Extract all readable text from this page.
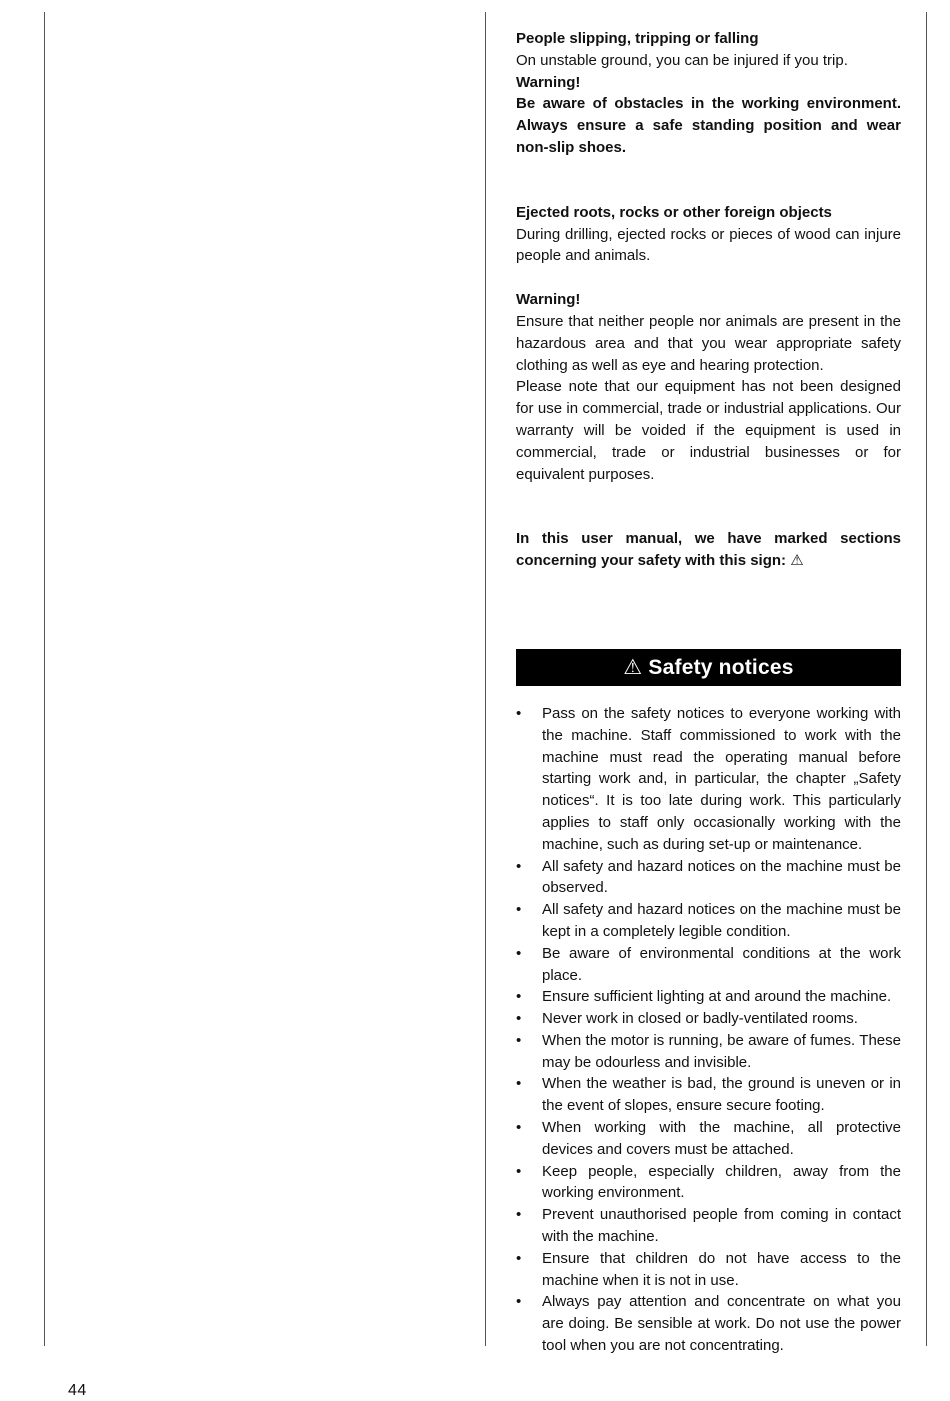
People slipping, tripping or falling

On unstable ground, you can be injured if you trip.

Warning!

Be aware of obstacles in the working environment. Always ensure a safe standing position and wear non-slip shoes.

Ejected roots, rocks or other foreign objects

During drilling, ejected rocks or pieces of wood can injure people and animals.

Warning!

Ensure that neither people nor animals are present in the hazardous area and that you wear appropriate safety clothing as well as eye and hearing protection.

Please note that our equipment has not been designed for use in commercial, trade or industrial applications. Our warranty will be voided if the equipment is used in commercial, trade or industrial businesses or for equivalent purposes.

In this user manual, we have marked sections concerning your safety with this sign: ⚠

⚠ Safety notices
• Pass on the safety notices to everyone working with the machine. Staff commissioned to work with the machine must read the operating manual before starting work and, in particular, the chapter „Safety notices“. It is too late during work. This particularly applies to staff only occasionally working with the machine, such as during set-up or maintenance.
• All safety and hazard notices on the machine must be observed.
• All safety and hazard notices on the machine must be kept in a completely legible condition.
• Be aware of environmental conditions at the work place.
• Ensure sufficient lighting at and around the machine.
• Never work in closed or badly-ventilated rooms.
• When the motor is running, be aware of fumes. These may be odourless and invisible.
• When the weather is bad, the ground is uneven or in the event of slopes, ensure secure footing.
• When working with the machine, all protective devices and covers must be attached.
• Keep people, especially children, away from the working environment.
• Prevent unauthorised people from coming in contact with the machine.
• Ensure that children do not have access to the machine when it is not in use.
• Always pay attention and concentrate on what you are doing. Be sensible at work. Do not use the power tool when you are not concentrating.
44
